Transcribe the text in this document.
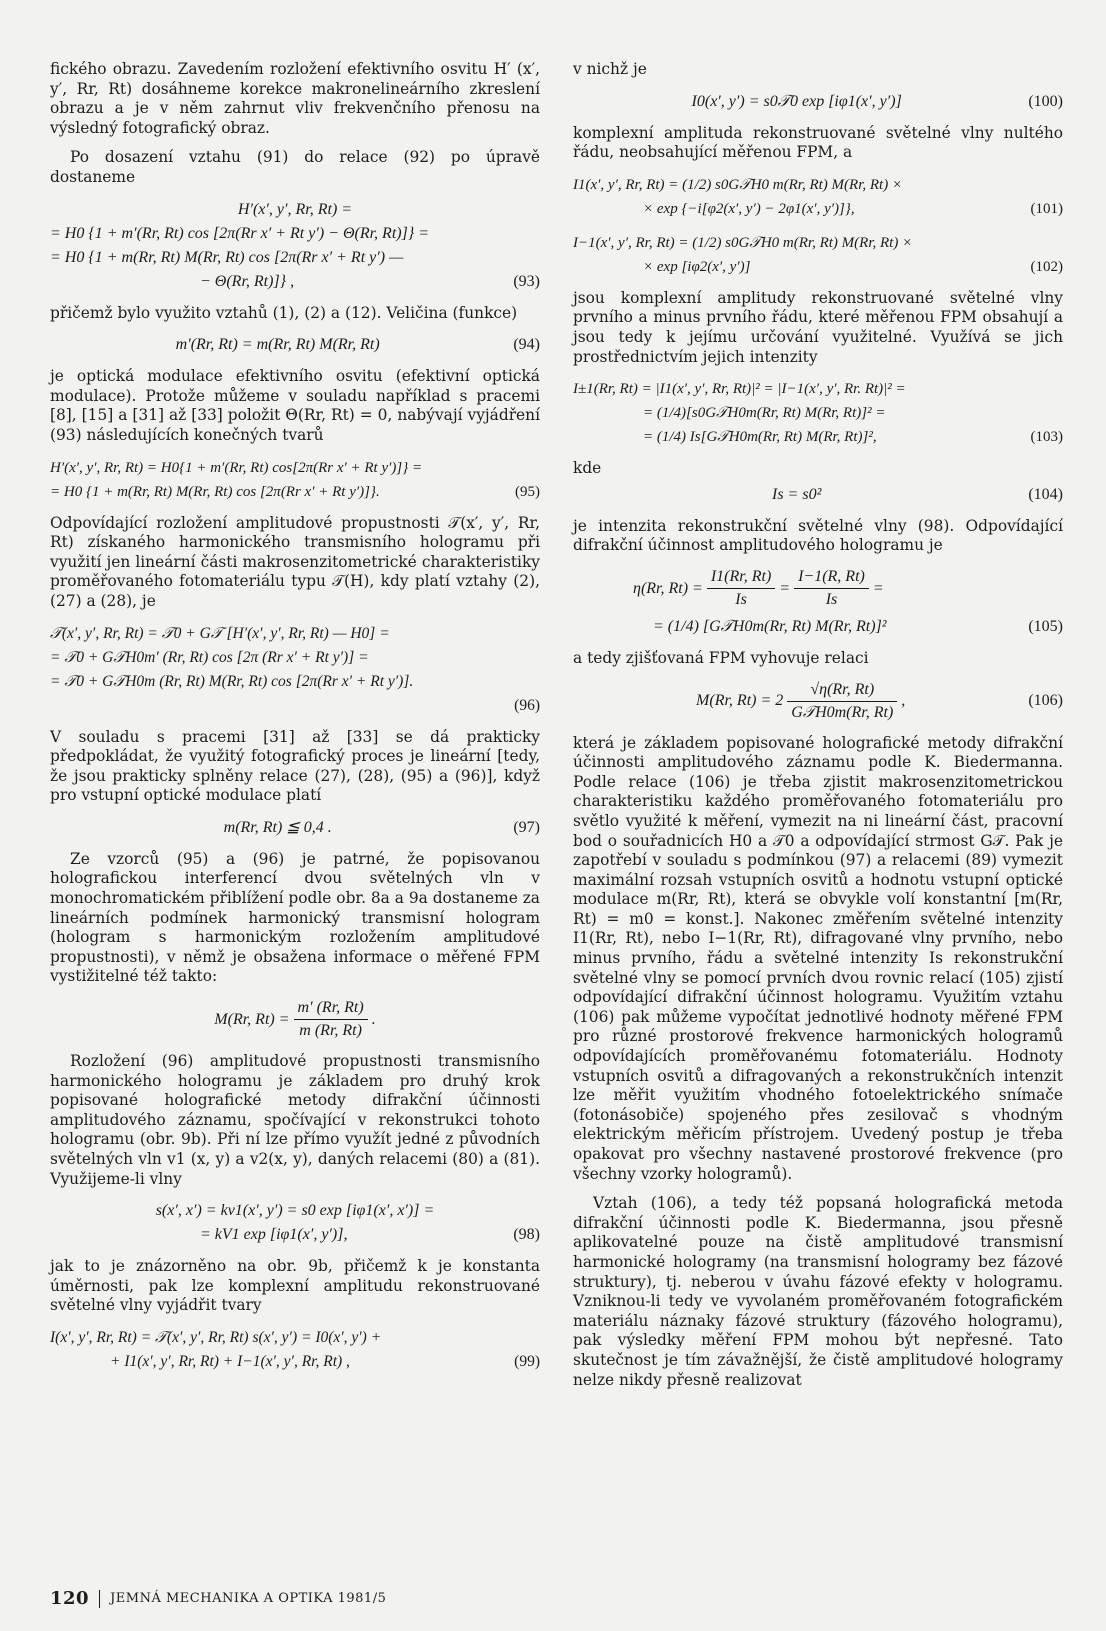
fického obrazu. Zavedením rozložení efektivního osvitu H′ (x′, y′, Rr, Rt) dosáhneme korekce makronelineárního zkreslení obrazu a je v něm zahrnut vliv frekvenčního přenosu na výsledný fotografický obraz.

Po dosazení vztahu (91) do relace (92) po úpravě dostaneme

H′(x′, y′, Rr, Rt) =
= H0 {1 + m′(Rr, Rt) cos [2π(Rr x′ + Rt y′) − Θ(Rr, Rt)]} =
= H0 {1 + m(Rr, Rt) M(Rr, Rt) cos [2π(Rr x′ + Rt y′) —
− Θ(Rr, Rt)]} ,	(93)

přičemž bylo využito vztahů (1), (2) a (12). Veličina (funkce)

m′(Rr, Rt) = m(Rr, Rt) M(Rr, Rt)	(94)

je optická modulace efektivního osvitu (efektivní optická modulace). Protože můžeme v souladu například s pracemi [8], [15] a [31] až [33] položit Θ(Rr, Rt) = 0, nabývají vyjádření (93) následujících konečných tvarů

H′(x′, y′, Rr, Rt) = H0{1 + m′(Rr, Rt) cos[2π(Rr x′ + Rt y′)]} =
= H0 {1 + m(Rr, Rt) M(Rr, Rt) cos [2π(Rr x′ + Rt y′)]}.	(95)

Odpovídající rozložení amplitudové propustnosti 𝒯(x′, y′, Rr, Rt) získaného harmonického transmisního hologramu při využití jen lineární části makrosenzitometrické charakteristiky proměřovaného fotomateriálu typu 𝒯(H), kdy platí vztahy (2), (27) a (28), je

𝒯(x′, y′, Rr, Rt) = 𝒯0 + G𝒯 [H′(x′, y′, Rr, Rt) — H0] =
= 𝒯0 + G𝒯H0m′ (Rr, Rt) cos [2π (Rr x′ + Rt y′)] =
= 𝒯0 + G𝒯H0m (Rr, Rt) M(Rr, Rt) cos [2π(Rr x′ + Rt y′)].
(96)

V souladu s pracemi [31] až [33] se dá prakticky předpokládat, že využitý fotografický proces je lineární [tedy, že jsou prakticky splněny relace (27), (28), (95) a (96)], když pro vstupní optické modulace platí

m(Rr, Rt) ≦ 0,4 .	(97)

Ze vzorců (95) a (96) je patrné, že popisovanou holografickou interferencí dvou světelných vln v monochromatickém přiblížení podle obr. 8a a 9a dostaneme za lineárních podmínek harmonický transmisní hologram (hologram s harmonickým rozložením amplitudové propustnosti), v němž je obsažena informace o měřené FPM vystižitelné též takto:

M(Rr, $Rt) = \frac{m' (Rr, Rt)}{m (Rr, Rt)}$ .

Rozložení (96) amplitudové propustnosti transmisního harmonického hologramu je základem pro druhý krok popisované holografické metody difrakční účinnosti amplitudového záznamu, spočívající v rekonstrukci tohoto hologramu (obr. 9b). Při ní lze přímo využít jedné z původních světelných vln v1 (x, y) a v2(x, y), daných relacemi (80) a (81). Využijeme-li vlny

s(x′, x′) = kv1(x′, y′) = s0 exp [iφ1(x′, x′)] =
= kV1 exp [iφ1(x′, y′)],	(98)

jak to je znázorněno na obr. 9b, přičemž k je konstanta úměrnosti, pak lze komplexní amplitudu rekonstruované světelné vlny vyjádřit tvary

I(x′, y′, Rr, Rt) = 𝒯(x′, y′, Rr, Rt) s(x′, y′) = I0(x′, y′) +
+ I1(x′, y′, Rr, Rt) + I−1(x′, y′, Rr, Rt) ,	(99)

v nichž je

I0(x′, y′) = s0𝒯0 exp [iφ1(x′, y′)]	(100)

komplexní amplituda rekonstruované světelné vlny nultého řádu, neobsahující měřenou FPM, a

I1(x′, y′, Rr, Rt) = (1/2) s0G𝒯H0 m(Rr, Rt) M(Rr, Rt) ×
× exp {−i[φ2(x′, y′) − 2φ1(x′, y′)]},	(101)
I−1(x′, y′, Rr, Rt) = (1/2) s0G𝒯H0 m(Rr, Rt) M(Rr, Rt) ×
× exp [iφ2(x′, y′)]	(102)

jsou komplexní amplitudy rekonstruované světelné vlny prvního a minus prvního řádu, které měřenou FPM obsahují a jsou tedy k jejímu určování využitelné. Využívá se jich prostřednictvím jejich intenzity

I±1(Rr, Rt) = |I1(x′, y′, Rr, Rt)|² = |I−1(x′, y′, Rr. Rt)|² =
= (1/4)[s0G𝒯H0m(Rr, Rt) M(Rr, Rt)]² =
= (1/4) Is[G𝒯H0m(Rr, Rt) M(Rr, Rt)]²,	(103)

kde

Is = s0²	(104)

je intenzita rekonstrukční světelné vlny (98). Odpovídající difrakční účinnost amplitudového hologramu je

η(Rr, $Rt) = \frac{I1(Rr, Rt)}{Is} = \frac{I-1(R, Rt)}{Is}$ =
= (1/4) [G𝒯H0m(Rr, Rt) M(Rr, Rt)]²	(105)

a tedy zjišťovaná FPM vyhovuje relaci

M(Rr, $Rt) = 2 \frac{√\eta(Rr, Rt)}{\text{G𝒯H0m(Rr, Rt)}}$ ,	(106)

která je základem popisované holografické metody difrakční účinnosti amplitudového záznamu podle K. Biedermanna. Podle relace (106) je třeba zjistit makrosenzitometrickou charakteristiku každého proměřovaného fotomateriálu pro světlo využité k měření, vymezit na ni lineární část, pracovní bod o souřadnicích H0 a 𝒯0 a odpovídající strmost G𝒯. Pak je zapotřebí v souladu s podmínkou (97) a relacemi (89) vymezit maximální rozsah vstupních osvitů a hodnotu vstupní optické modulace m(Rr, Rt), která se obvykle volí konstantní [m(Rr, Rt) = m0 = konst.]. Nakonec změřením světelné intenzity I1(Rr, Rt), nebo I−1(Rr, Rt), difragované vlny prvního, nebo minus prvního, řádu a světelné intenzity Is rekonstrukční světelné vlny se pomocí prvních dvou rovnic relací (105) zjistí odpovídající difrakční účinnost hologramu. Využitím vztahu (106) pak můžeme vypočítat jednotlivé hodnoty měřené FPM pro různé prostorové frekvence harmonických hologramů odpovídajících proměřovanému fotomateriálu. Hodnoty vstupních osvitů a difragovaných a rekonstrukčních intenzit lze měřit využitím vhodného fotoelektrického snímače (fotonásobiče) spojeného přes zesilovač s vhodným elektrickým měřicím přístrojem. Uvedený postup je třeba opakovat pro všechny nastavené prostorové frekvence (pro všechny vzorky hologramů).

Vztah (106), a tedy též popsaná holografická metoda difrakční účinnosti podle K. Biedermanna, jsou přesně aplikovatelné pouze na čistě amplitudové transmisní harmonické hologramy (na transmisní hologramy bez fázové struktury), tj. neberou v úvahu fázové efekty v hologramu. Vzniknou-li tedy ve vyvolaném proměřovaném fotografickém materiálu náznaky fázové struktury (fázového hologramu), pak výsledky měření FPM mohou být nepřesné. Tato skutečnost je tím závažnější, že čistě amplitudové hologramy nelze nikdy přesně realizovat

120 JEMNÁ MECHANIKA A OPTIKA 1981/5
